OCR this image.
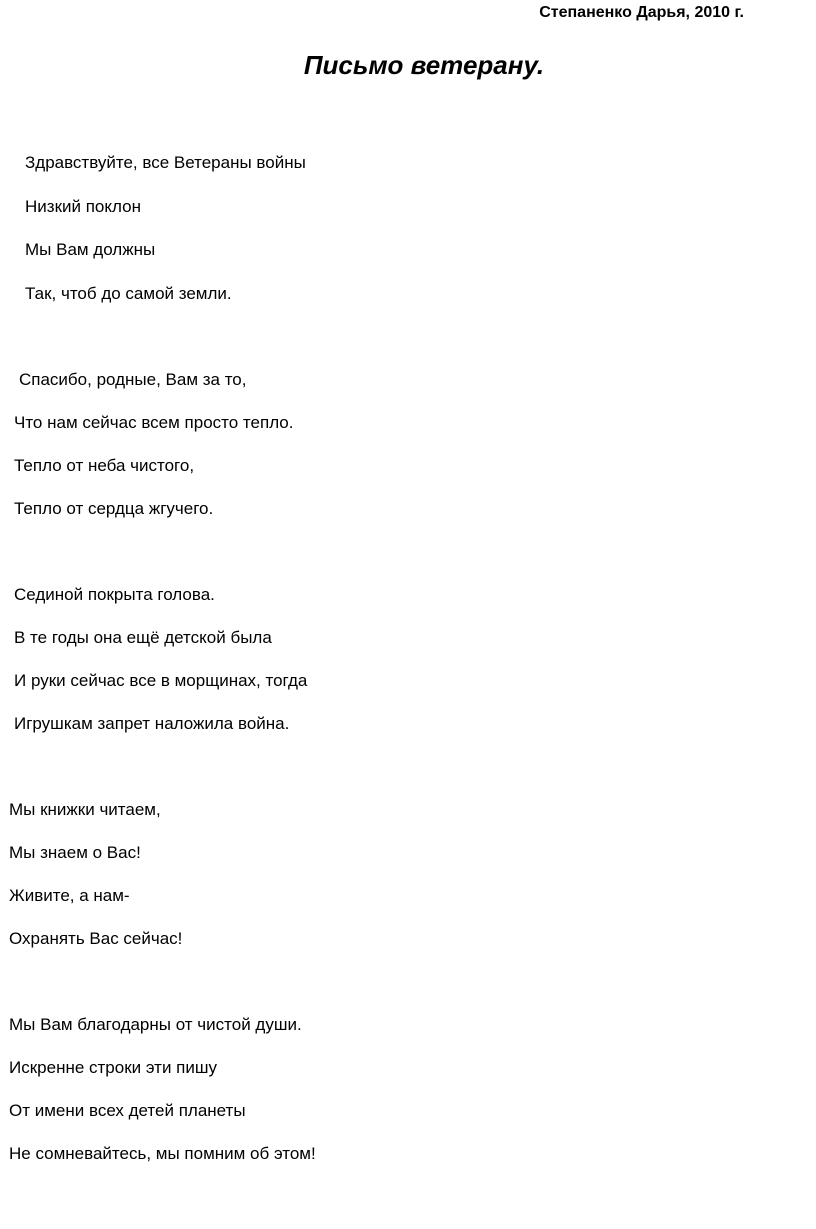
Степаненко Дарья, 2010 г.
Письмо ветерану.
Здравствуйте, все Ветераны войны
Низкий поклон
Мы Вам должны
Так, чтоб до самой земли.
Спасибо, родные, Вам за то,
Что нам сейчас всем просто тепло.
Тепло от неба чистого,
Тепло от сердца жгучего.
Сединой покрыта голова.
В те годы она ещё детской была
И руки сейчас все в морщинах, тогда
Игрушкам запрет наложила война.
Мы книжки читаем,
Мы знаем о Вас!
Живите, а нам-
Охранять Вас сейчас!
Мы Вам благодарны от чистой души.
Искренне строки эти пишу
От имени всех детей планеты
Не сомневайтесь, мы помним об этом!
